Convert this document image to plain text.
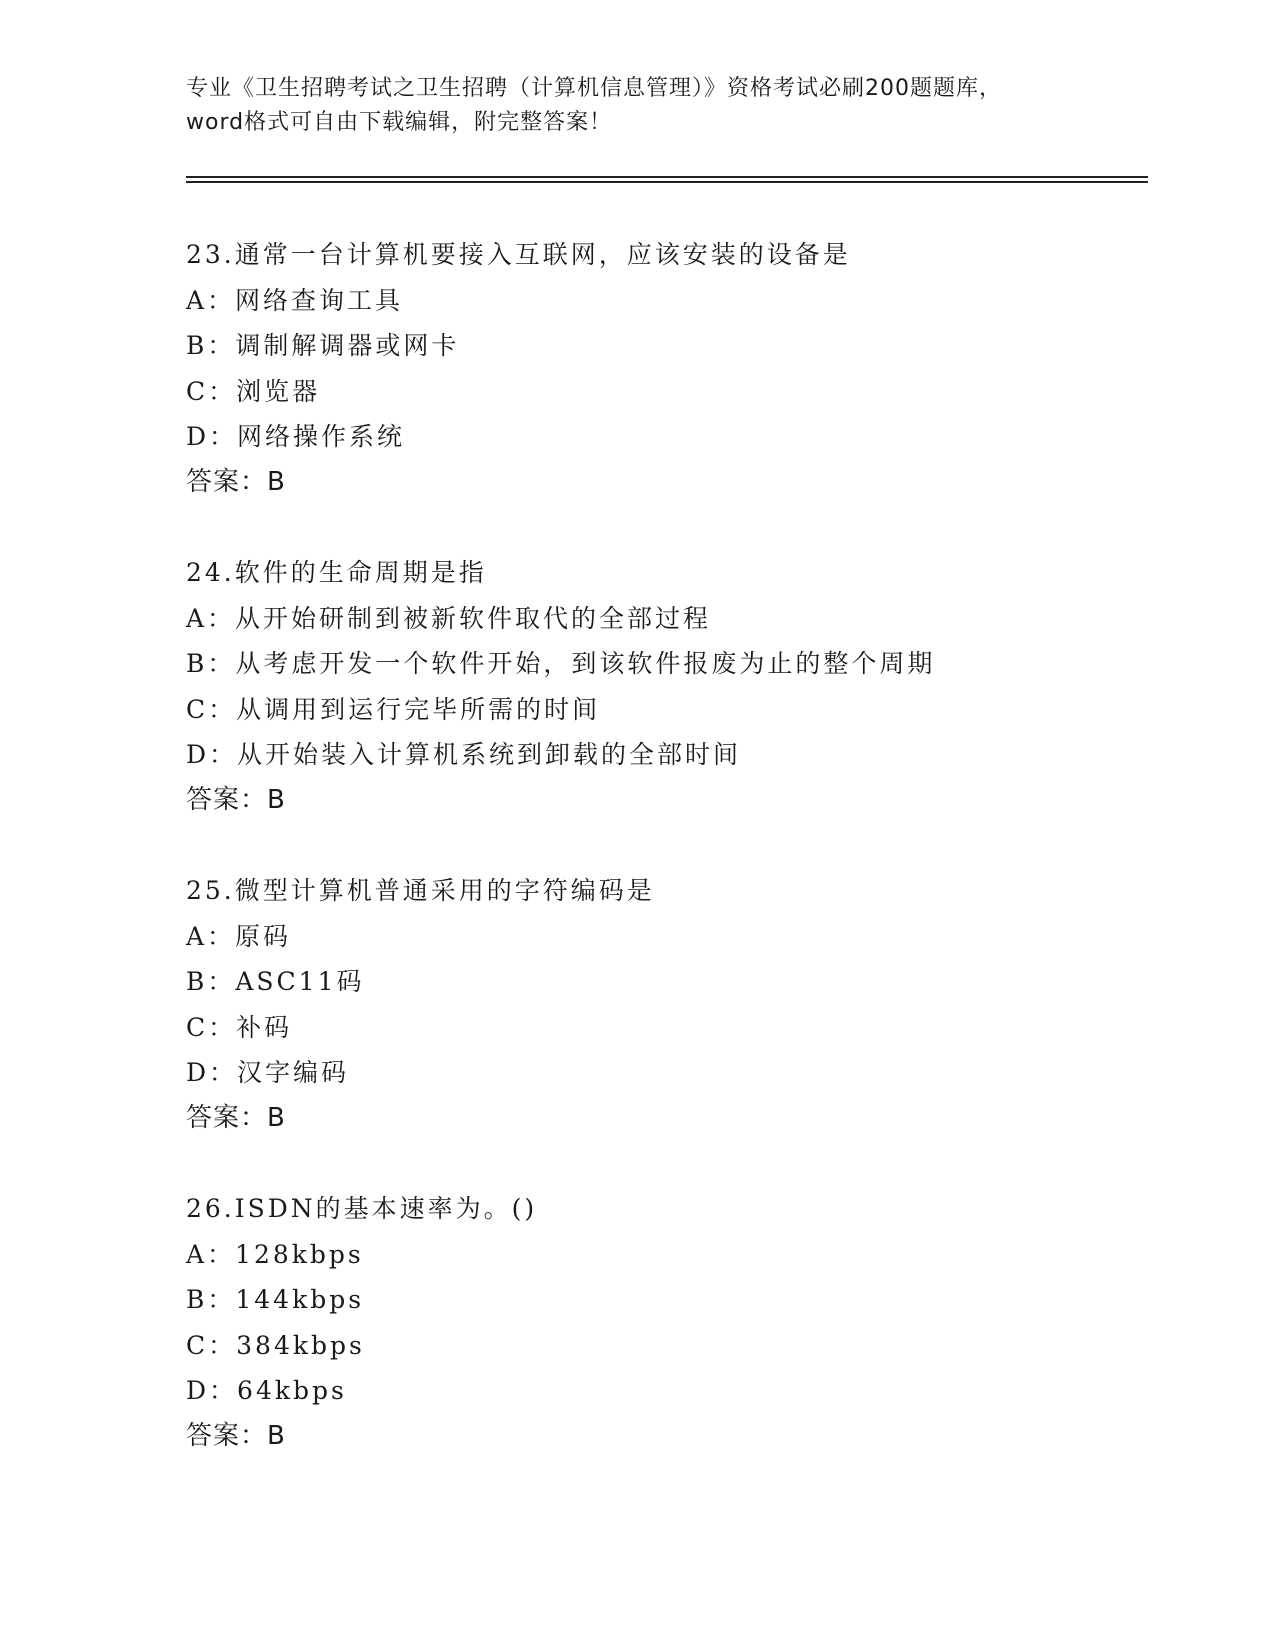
专业《卫生招聘考试之卫生招聘（计算机信息管理）》资格考试必刷200题题库，
word格式可自由下载编辑，附完整答案！
23.通常一台计算机要接入互联网，应该安装的设备是
A：网络查询工具
B：调制解调器或网卡
C：浏览器
D：网络操作系统
答案：B
24.软件的生命周期是指
A：从开始研制到被新软件取代的全部过程
B：从考虑开发一个软件开始，到该软件报废为止的整个周期
C：从调用到运行完毕所需的时间
D：从开始装入计算机系统到卸载的全部时间
答案：B
25.微型计算机普通采用的字符编码是
A：原码
B：ASC11码
C：补码
D：汉字编码
答案：B
26.ISDN的基本速率为。()
A：128kbps
B：144kbps
C：384kbps
D：64kbps
答案：B
